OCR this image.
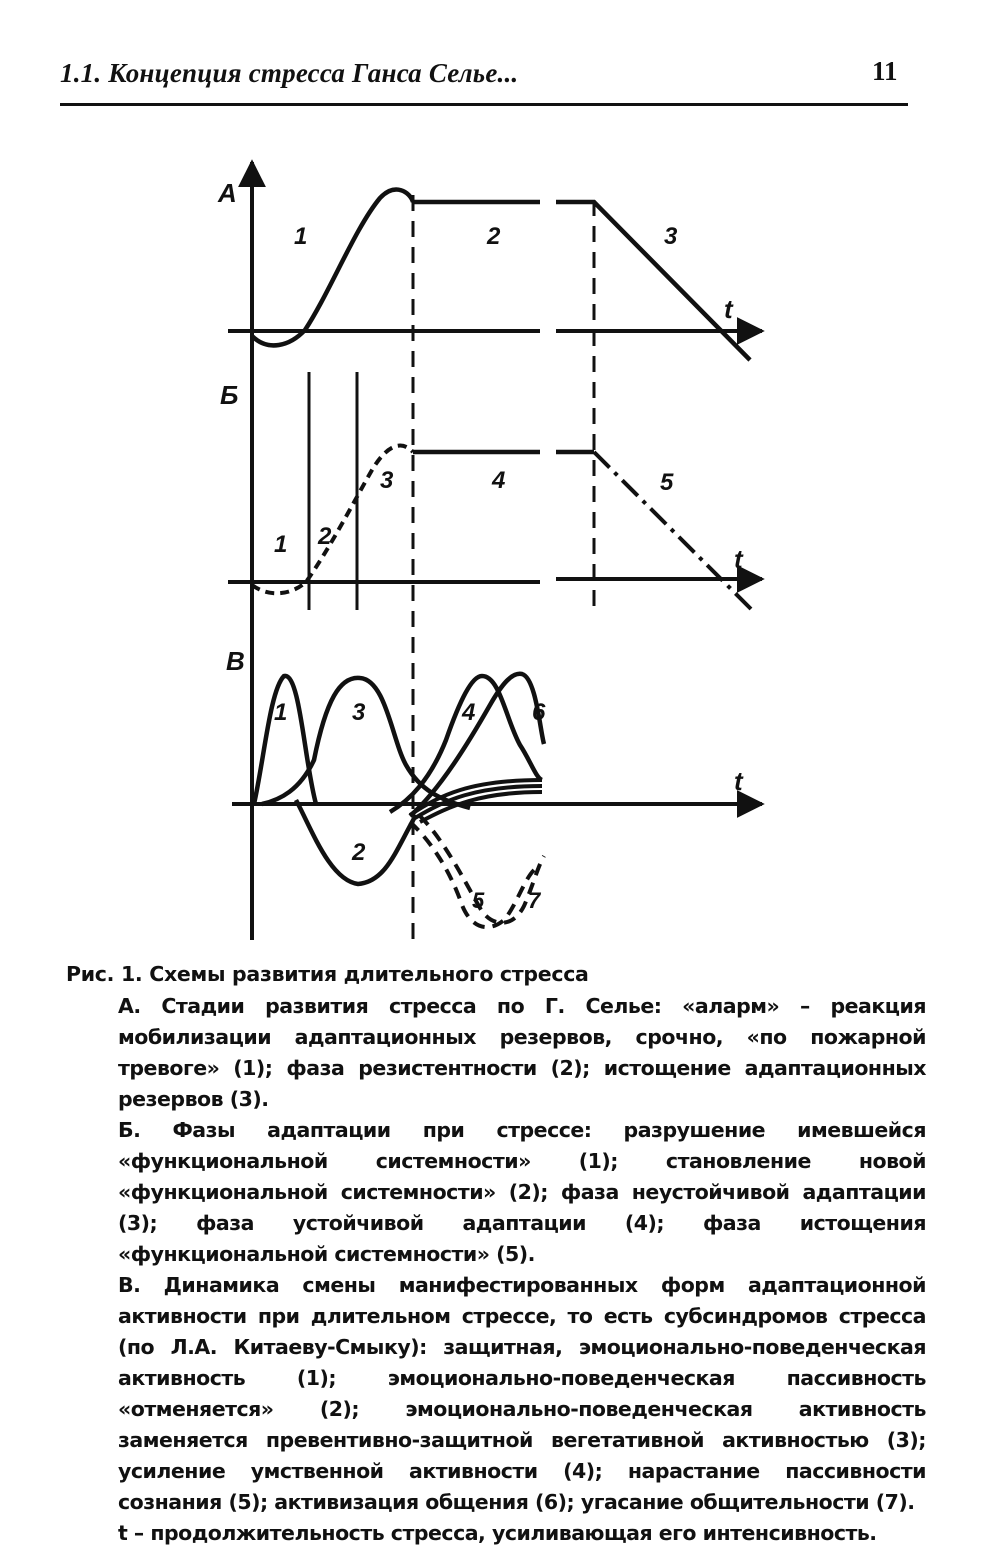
1.1. Концепция стресса Ганса Селье...	11
А
1	2	3
t
Б
1 2
3	4	5
t
В
1
2
3	4
5
6
7
t
Рис. 1. Схемы развития длительного стресса
А. Стадии развития стресса по Г. Селье: «аларм» – реакция мобилизации адаптационных резервов, срочно, «по пожарной тревоге» (1); фаза резистентности (2); истощение адаптационных резервов (3).
Б. Фазы адаптации при стрессе: разрушение имевшейся «функциональной системности» (1); становление новой «функциональной системности» (2); фаза неустойчивой адаптации (3); фаза устойчивой адаптации (4); фаза истощения «функциональной системности» (5).
В. Динамика смены манифестированных форм адаптационной активности при длительном стрессе, то есть субсиндромов стресса (по Л.А. Китаеву-Смыку): защитная, эмоционально-поведенческая активность (1); эмоционально-поведенческая пассивность «отменяется» (2); эмоционально-поведенческая активность заменяется превентивно-защитной вегетативной активностью (3); усиление умственной активности (4); нарастание пассивности сознания (5); активизация общения (6); угасание общительности (7).
t – продолжительность стресса, усиливающая его интенсивность.
